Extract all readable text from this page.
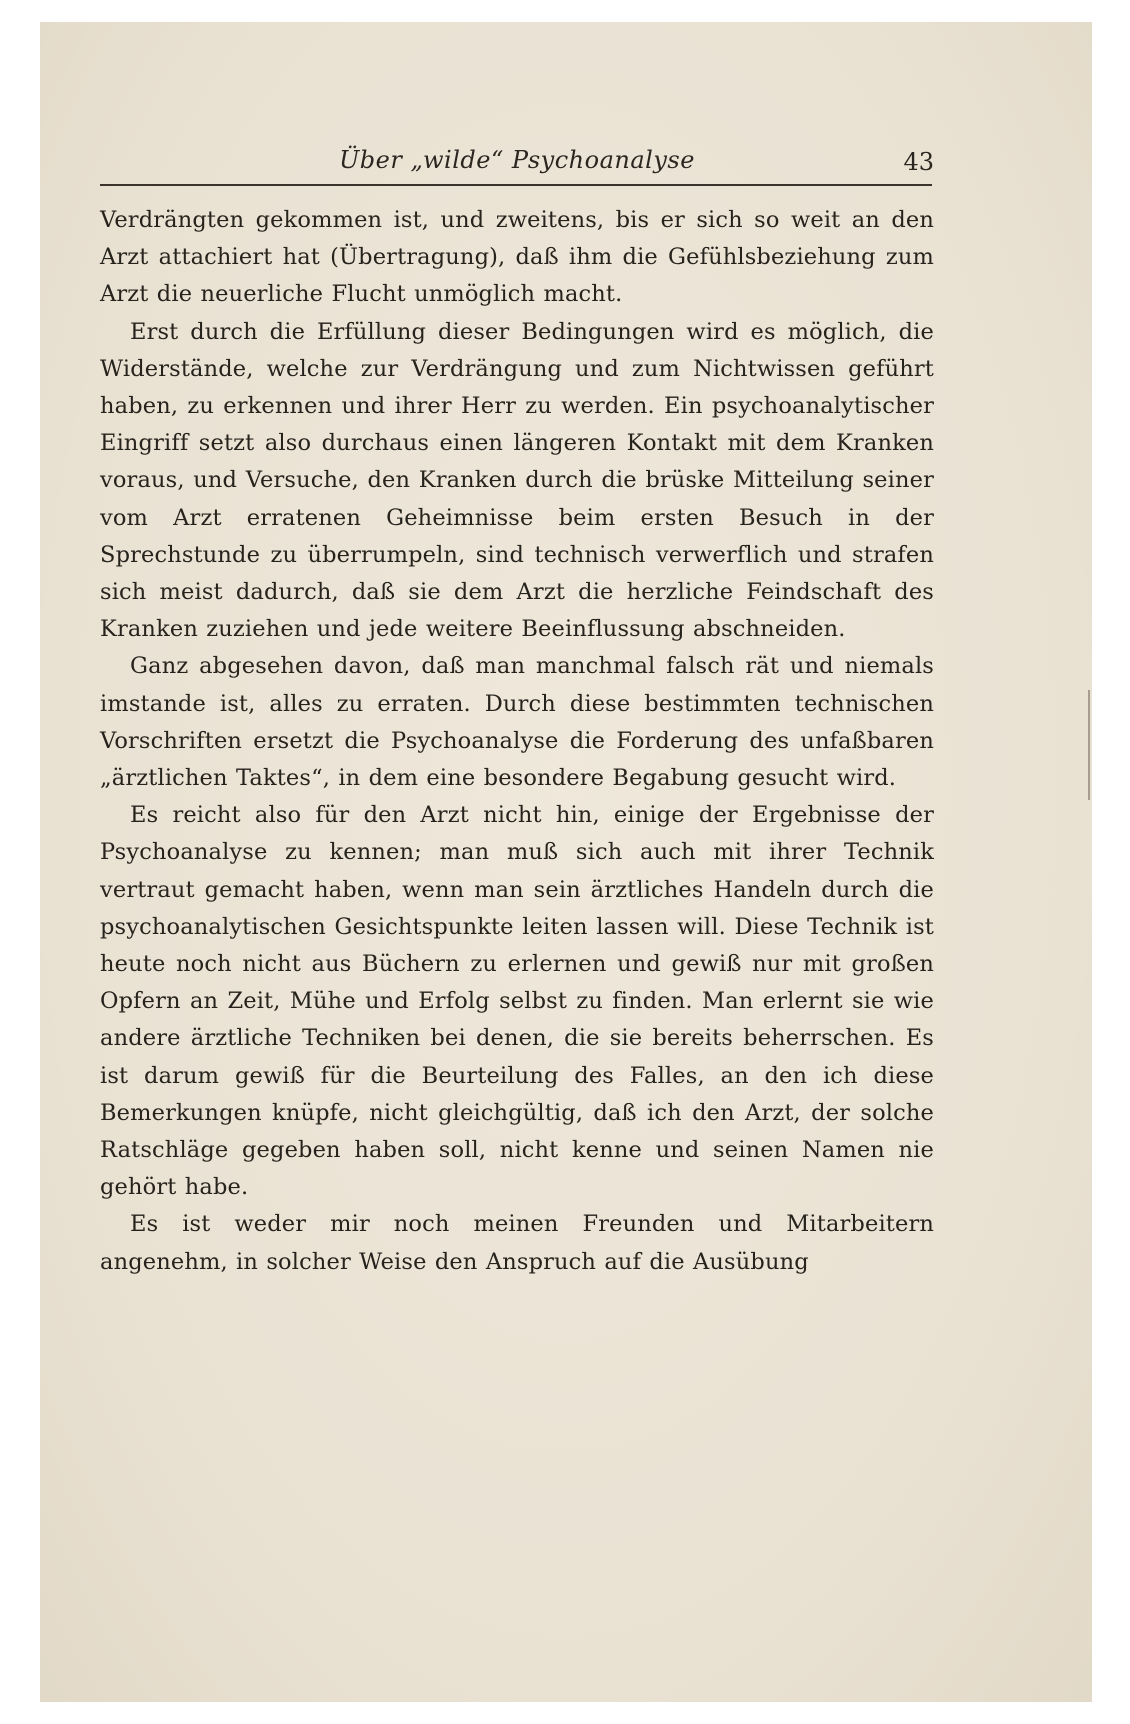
Über „wilde“ Psychoanalyse	43

Verdrängten gekommen ist, und zweitens, bis er sich so weit an den Arzt attachiert hat (Übertragung), daß ihm die Gefühlsbeziehung zum Arzt die neuerliche Flucht unmöglich macht.

Erst durch die Erfüllung dieser Bedingungen wird es möglich, die Widerstände, welche zur Verdrängung und zum Nichtwissen geführt haben, zu erkennen und ihrer Herr zu werden. Ein psychoanalytischer Eingriff setzt also durchaus einen längeren Kontakt mit dem Kranken voraus, und Versuche, den Kranken durch die brüske Mitteilung seiner vom Arzt erratenen Geheimnisse beim ersten Besuch in der Sprechstunde zu überrumpeln, sind technisch verwerflich und strafen sich meist dadurch, daß sie dem Arzt die herzliche Feindschaft des Kranken zuziehen und jede weitere Beeinflussung abschneiden.

Ganz abgesehen davon, daß man manchmal falsch rät und niemals imstande ist, alles zu erraten. Durch diese bestimmten technischen Vorschriften ersetzt die Psychoanalyse die Forderung des unfaßbaren „ärztlichen Taktes“, in dem eine besondere Begabung gesucht wird.

Es reicht also für den Arzt nicht hin, einige der Ergebnisse der Psychoanalyse zu kennen; man muß sich auch mit ihrer Technik vertraut gemacht haben, wenn man sein ärztliches Handeln durch die psychoanalytischen Gesichtspunkte leiten lassen will. Diese Technik ist heute noch nicht aus Büchern zu erlernen und gewiß nur mit großen Opfern an Zeit, Mühe und Erfolg selbst zu finden. Man erlernt sie wie andere ärztliche Techniken bei denen, die sie bereits beherrschen. Es ist darum gewiß für die Beurteilung des Falles, an den ich diese Bemerkungen knüpfe, nicht gleichgültig, daß ich den Arzt, der solche Ratschläge gegeben haben soll, nicht kenne und seinen Namen nie gehört habe.

Es ist weder mir noch meinen Freunden und Mitarbeitern angenehm, in solcher Weise den Anspruch auf die Ausübung
